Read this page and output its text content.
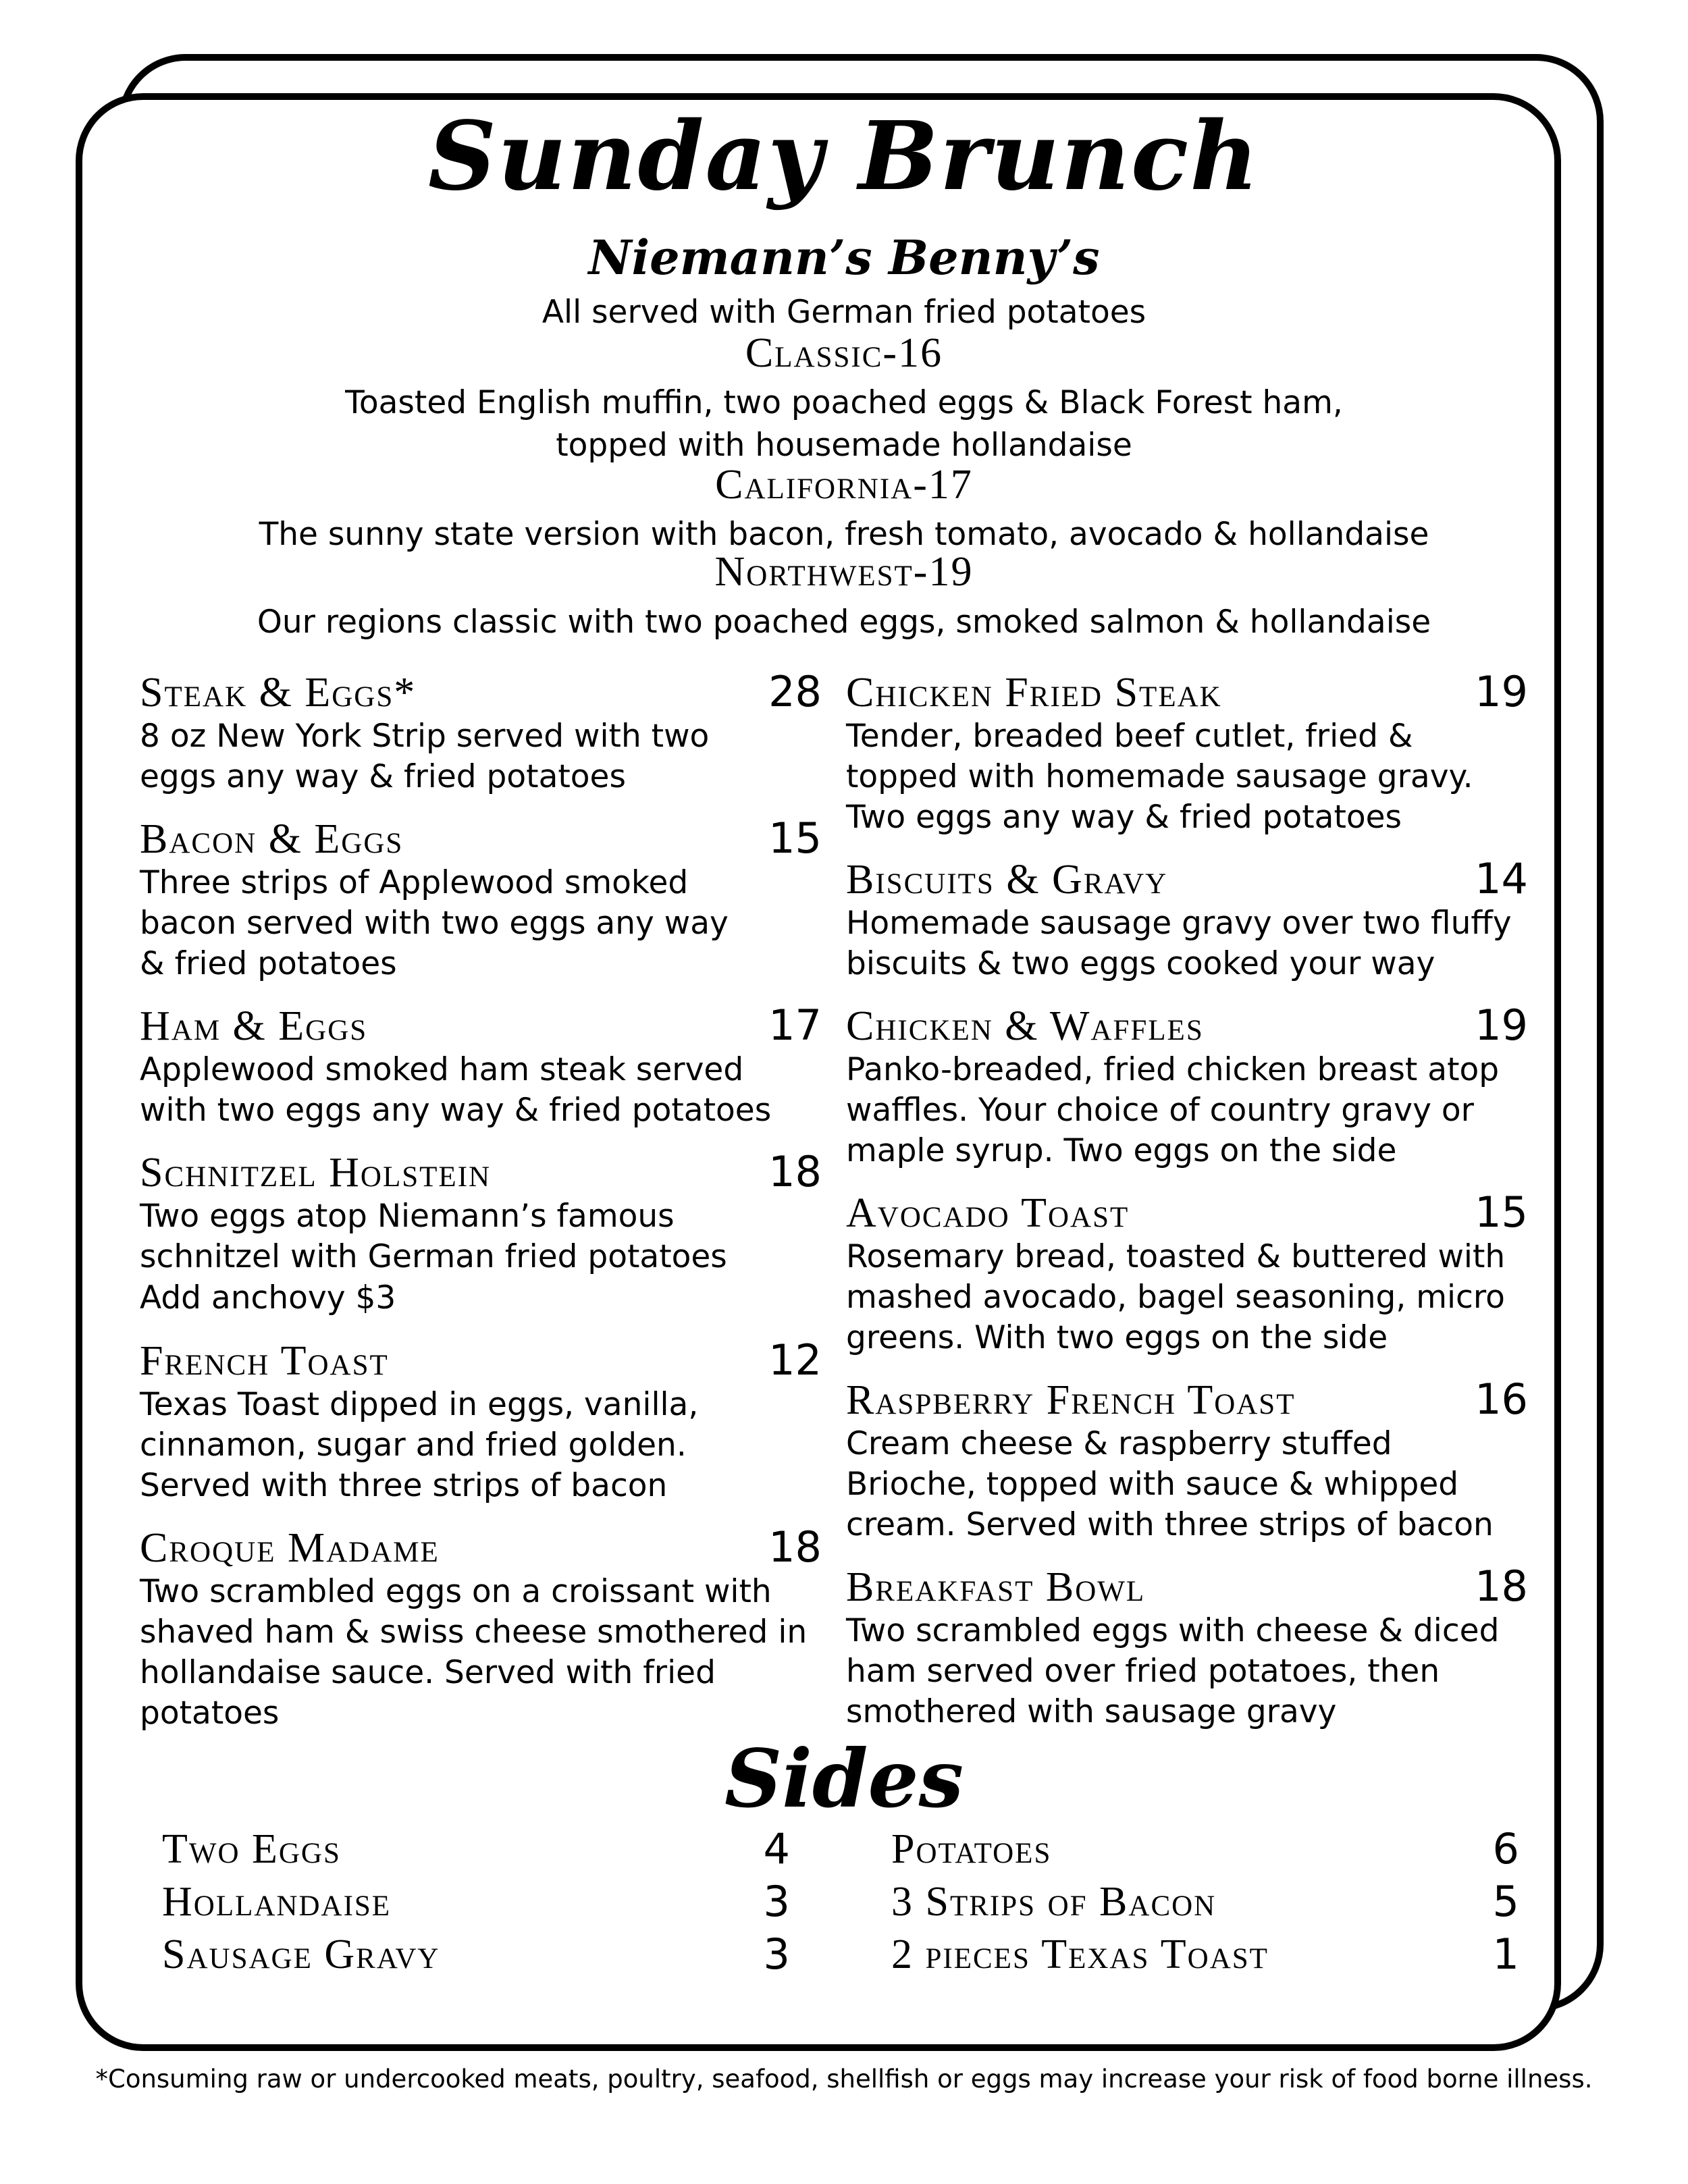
Sunday Brunch
Niemann’s Benny’s
All served with German fried potatoes
Classic-16
Toasted English muffin, two poached eggs & Black Forest ham,
topped with housemade hollandaise
California-17
The sunny state version with bacon, fresh tomato, avocado & hollandaise
Northwest-19
Our regions classic with two poached eggs, smoked salmon & hollandaise
Steak & Eggs*	28
8 oz New York Strip served with two
eggs any way & fried potatoes
Bacon & Eggs	15
Three strips of Applewood smoked
bacon served with two eggs any way
& fried potatoes
Ham & Eggs	17
Applewood smoked ham steak served
with two eggs any way & fried potatoes
Schnitzel Holstein	18
Two eggs atop Niemann’s famous
schnitzel with German fried potatoes
Add anchovy $3
French Toast	12
Texas Toast dipped in eggs, vanilla,
cinnamon, sugar and fried golden.
Served with three strips of bacon
Croque Madame	18
Two scrambled eggs on a croissant with
shaved ham & swiss cheese smothered in
hollandaise sauce. Served with fried
potatoes
Chicken Fried Steak	19
Tender, breaded beef cutlet, fried &
topped with homemade sausage gravy.
Two eggs any way & fried potatoes
Biscuits & Gravy	14
Homemade sausage gravy over two fluffy
biscuits & two eggs cooked your way
Chicken & Waffles	19
Panko-breaded, fried chicken breast atop
waffles. Your choice of country gravy or
maple syrup. Two eggs on the side
Avocado Toast	15
Rosemary bread, toasted & buttered with
mashed avocado, bagel seasoning, micro
greens. With two eggs on the side
Raspberry French Toast	16
Cream cheese & raspberry stuffed
Brioche, topped with sauce & whipped
cream. Served with three strips of bacon
Breakfast Bowl	18
Two scrambled eggs with cheese & diced
ham served over fried potatoes, then
smothered with sausage gravy
Sides
Two Eggs	4
Hollandaise	3
Sausage Gravy	3
Potatoes	6
3 Strips of Bacon	5
2 pieces Texas Toast	1
*Consuming raw or undercooked meats, poultry, seafood, shellfish or eggs may increase your risk of food borne illness.
